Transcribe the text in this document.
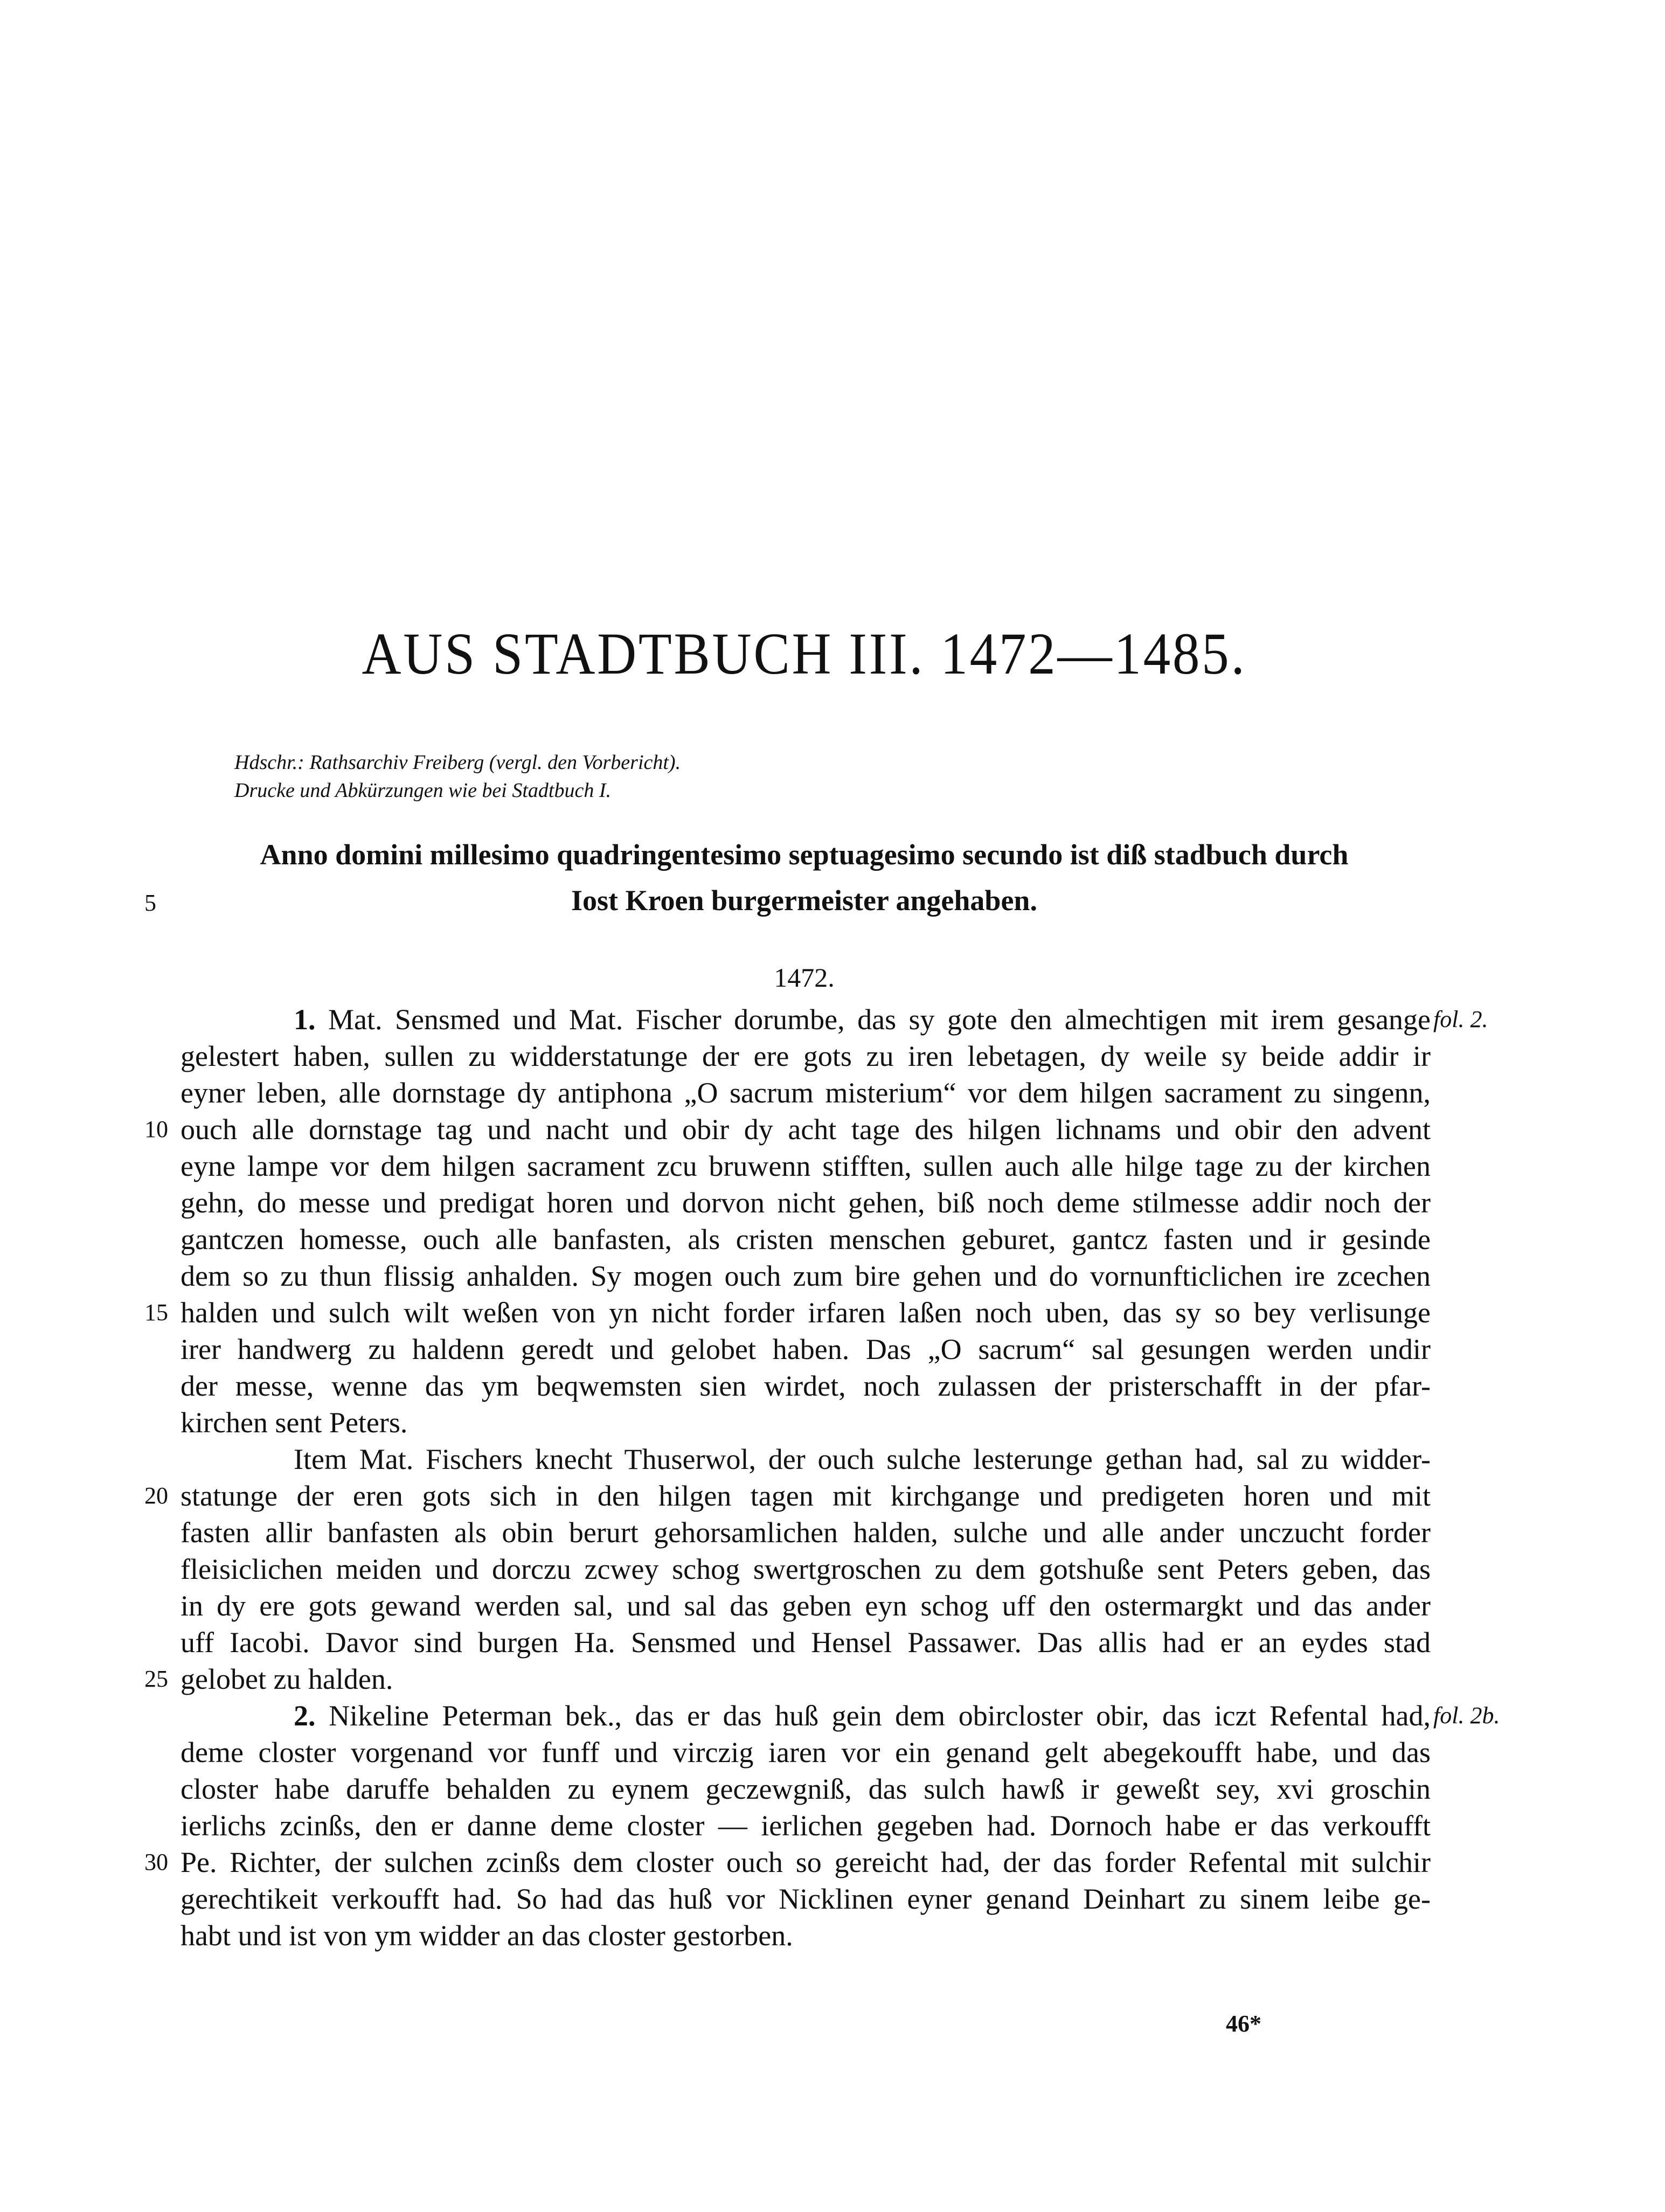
AUS STADTBUCH III. 1472—1485.
Hdschr.: Rathsarchiv Freiberg (vergl. den Vorbericht).
Drucke und Abkürzungen wie bei Stadtbuch I.
Anno domini millesimo quadringentesimo septuagesimo secundo ist diß stadbuch durch
Iost Kroen burgermeister angehaben.
1472.
1. Mat. Sensmed und Mat. Fischer dorumbe, das sy gote den almechtigen mit irem gesange
gelestert haben, sullen zu widderstatunge der ere gots zu iren lebetagen, dy weile sy beide addir ir
eyner leben, alle dornstage dy antiphona „O sacrum misterium“ vor dem hilgen sacrament zu singenn,
ouch alle dornstage tag und nacht und obir dy acht tage des hilgen lichnams und obir den advent
eyne lampe vor dem hilgen sacrament zcu bruwenn stifften, sullen auch alle hilge tage zu der kirchen
gehn, do messe und predigat horen und dorvon nicht gehen, biß noch deme stilmesse addir noch der
gantczen homesse, ouch alle banfasten, als cristen menschen geburet, gantcz fasten und ir gesinde
dem so zu thun flissig anhalden. Sy mogen ouch zum bire gehen und do vornunfticlichen ire zcechen
halden und sulch wilt weßen von yn nicht forder irfaren laßen noch uben, das sy so bey verlisunge
irer handwerg zu haldenn geredt und gelobet haben. Das „O sacrum“ sal gesungen werden undir
der messe, wenne das ym beqwemsten sien wirdet, noch zulassen der pristerschafft in der pfar-
kirchen sent Peters.
Item Mat. Fischers knecht Thuserwol, der ouch sulche lesterunge gethan had, sal zu widder-
statunge der eren gots sich in den hilgen tagen mit kirchgange und predigeten horen und mit
fasten allir banfasten als obin berurt gehorsamlichen halden, sulche und alle ander unczucht forder
fleisiclichen meiden und dorczu zcwey schog swertgroschen zu dem gotshuße sent Peters geben, das
in dy ere gots gewand werden sal, und sal das geben eyn schog uff den ostermargkt und das ander
uff Iacobi. Davor sind burgen Ha. Sensmed und Hensel Passawer. Das allis had er an eydes stad
gelobet zu halden.
2. Nikeline Peterman bek., das er das huß gein dem obircloster obir, das iczt Refental had,
deme closter vorgenand vor funff und virczig iaren vor ein genand gelt abegekoufft habe, und das
closter habe daruffe behalden zu eynem geczewgniß, das sulch hawß ir geweßt sey, xvi groschin
ierlichs zcinßs, den er danne deme closter — ierlichen gegeben had. Dornoch habe er das verkoufft
Pe. Richter, der sulchen zcinßs dem closter ouch so gereicht had, der das forder Refental mit sulchir
gerechtikeit verkoufft had. So had das huß vor Nicklinen eyner genand Deinhart zu sinem leibe ge-
habt und ist von ym widder an das closter gestorben.
fol. 2.
fol. 2b.
5
10
15
20
25
30
46*
